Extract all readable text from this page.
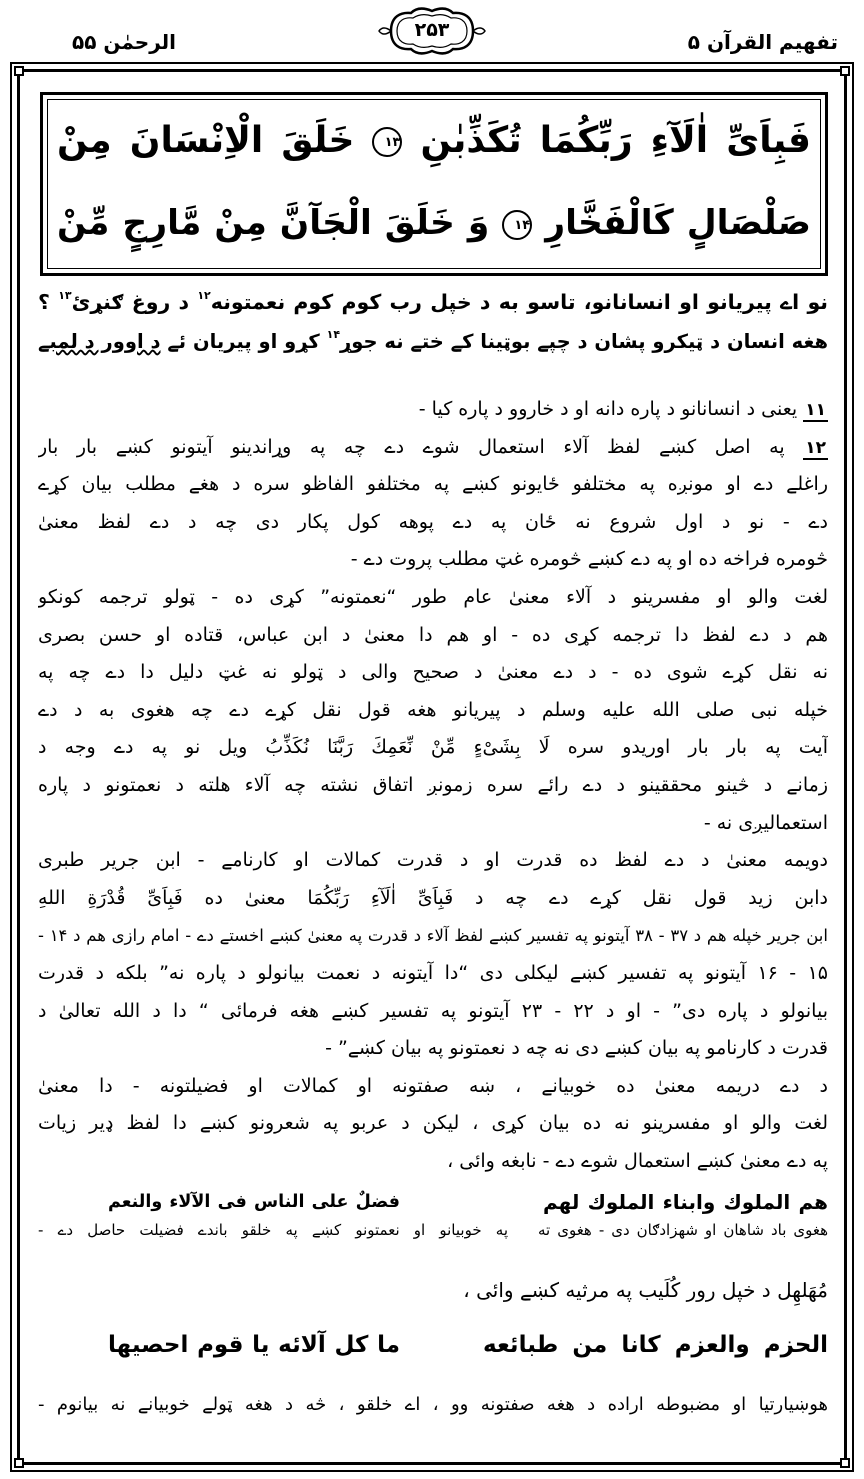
تفهيم القرآن ۵
الرحمٰن ۵۵	۲۵۳
فَبِاَیِّ اٰلَآءِ رَبِّکُمَا تُکَذِّبٰنِ ۱۳ خَلَقَ الْاِنْسَانَ مِنْ
صَلْصَالٍ کَالْفَخَّارِ ۱۴ وَ خَلَقَ الْجَآنَّ مِنْ مَّارِجٍ مِّنْ
نو اے پیریانو او انسانانو، تاسو به د خپل رب کوم کوم نعمتونه$^{۱۲}$ د روغ ګنړئ$^{۱۳}$ ؟
هغه انسان د ټیکرو پشان د چپے بوټینا کے ختے نه جوړ$^{۱۴}$ کړو او پیریان ئے د اوور د لمبے
۱۱ یعنی د انسانانو د پاره دانه او د خاروو د پاره کیا -
۱۲ په اصل کښے لفظ آلاء استعمال شوے دے چه په وړاندینو آیتونو کښے بار بار
راغلے دے او مونږه په مختلفو ځایونو کښے په مختلفو الفاظو سره د هغے مطلب بیان کړے
دے - نو د اول شروع نه ځان په دے پوهه کول پکار دی چه د دے لفظ معنیٰ
څومره فراخه ده او په دے کښے څومره غټ مطلب پروت دے -
لغت والو او مفسرینو د آلاء معنیٰ عام طور “نعمتونه” کړی ده - ټولو ترجمه کونکو
هم د دے لفظ دا ترجمه کړی ده - او هم دا معنیٰ د ابن عباس، قتاده او حسن بصری
نه نقل کړے شوی ده - د دے معنیٰ د صحیح والی د ټولو نه غټ دلیل دا دے چه په
خپله نبی صلی الله علیه وسلم د پیریانو هغه قول نقل کړے دے چه هغوی به د دے
آیت په بار بار اوریدو سره لَا بِشَیْءٍ مِّنْ نِّعَمِكَ رَبَّنَا نُكَذِّبُ ویل نو په دے وجه د
زمانے د څینو محققینو د دے رائے سره زمونږ اتفاق نشته چه آلاء هلته د نعمتونو د پاره
استعمالیږی نه -
دویمه معنیٰ د دے لفظ ده قدرت او د قدرت کمالات او کارنامے - ابن جریر طبری
دابن زید قول نقل کړے دے چه د فَبِاَیِّ اٰلَآءِ رَبِّکُمَا معنیٰ ده فَبِاَیِّ قُدْرَةِ اللهِ
ابن جریر خپله هم د ۳۷ - ۳۸ آیتونو په تفسیر کښے لفظ آلاء د قدرت په معنیٰ کښے اخستے دے - امام رازی هم د ۱۴ -
۱۵ - ۱۶ آیتونو په تفسیر کښے لیکلی دی “دا آیتونه د نعمت بیانولو د پاره نه” بلکه د قدرت
بیانولو د پاره دی” - او د ۲۲ - ۲۳ آیتونو په تفسیر کښے هغه فرمائی “ دا د الله تعالیٰ د
قدرت د کارنامو په بیان کښے دی نه چه د نعمتونو په بیان کښے” -
د دے دریمه معنیٰ ده خوبیانے ، ښه صفتونه او کمالات او فضیلتونه - دا معنیٰ
لغت والو او مفسرینو نه ده بیان کړی ، لیکن د عربو په شعرونو کښے دا لفظ ډیر زیات
په دے معنیٰ کښے استعمال شوے دے - نابغه وائی ،
هم الملوك وابناء الملوك لهم
فضلٌ علی الناس فی الآلاء والنعم
هغوی باد شاهان او شهزادګان دی - هغوی ته
په خوبیانو او نعمتونو کښے په خلقو باندے فضیلت حاصل دے -
مُهَلهِل د خپل رور کُلَیب په مرثیه کښے وائی ،
الحزم والعزم کانا من طبائعه
ما کل آلائه یا قوم احصیها
هوښیارتیا او مضبوطه اراده د هغه صفتونه وو ، اے خلقو ، څه د هغه ټولے خوبیانے نه بیانوم -
